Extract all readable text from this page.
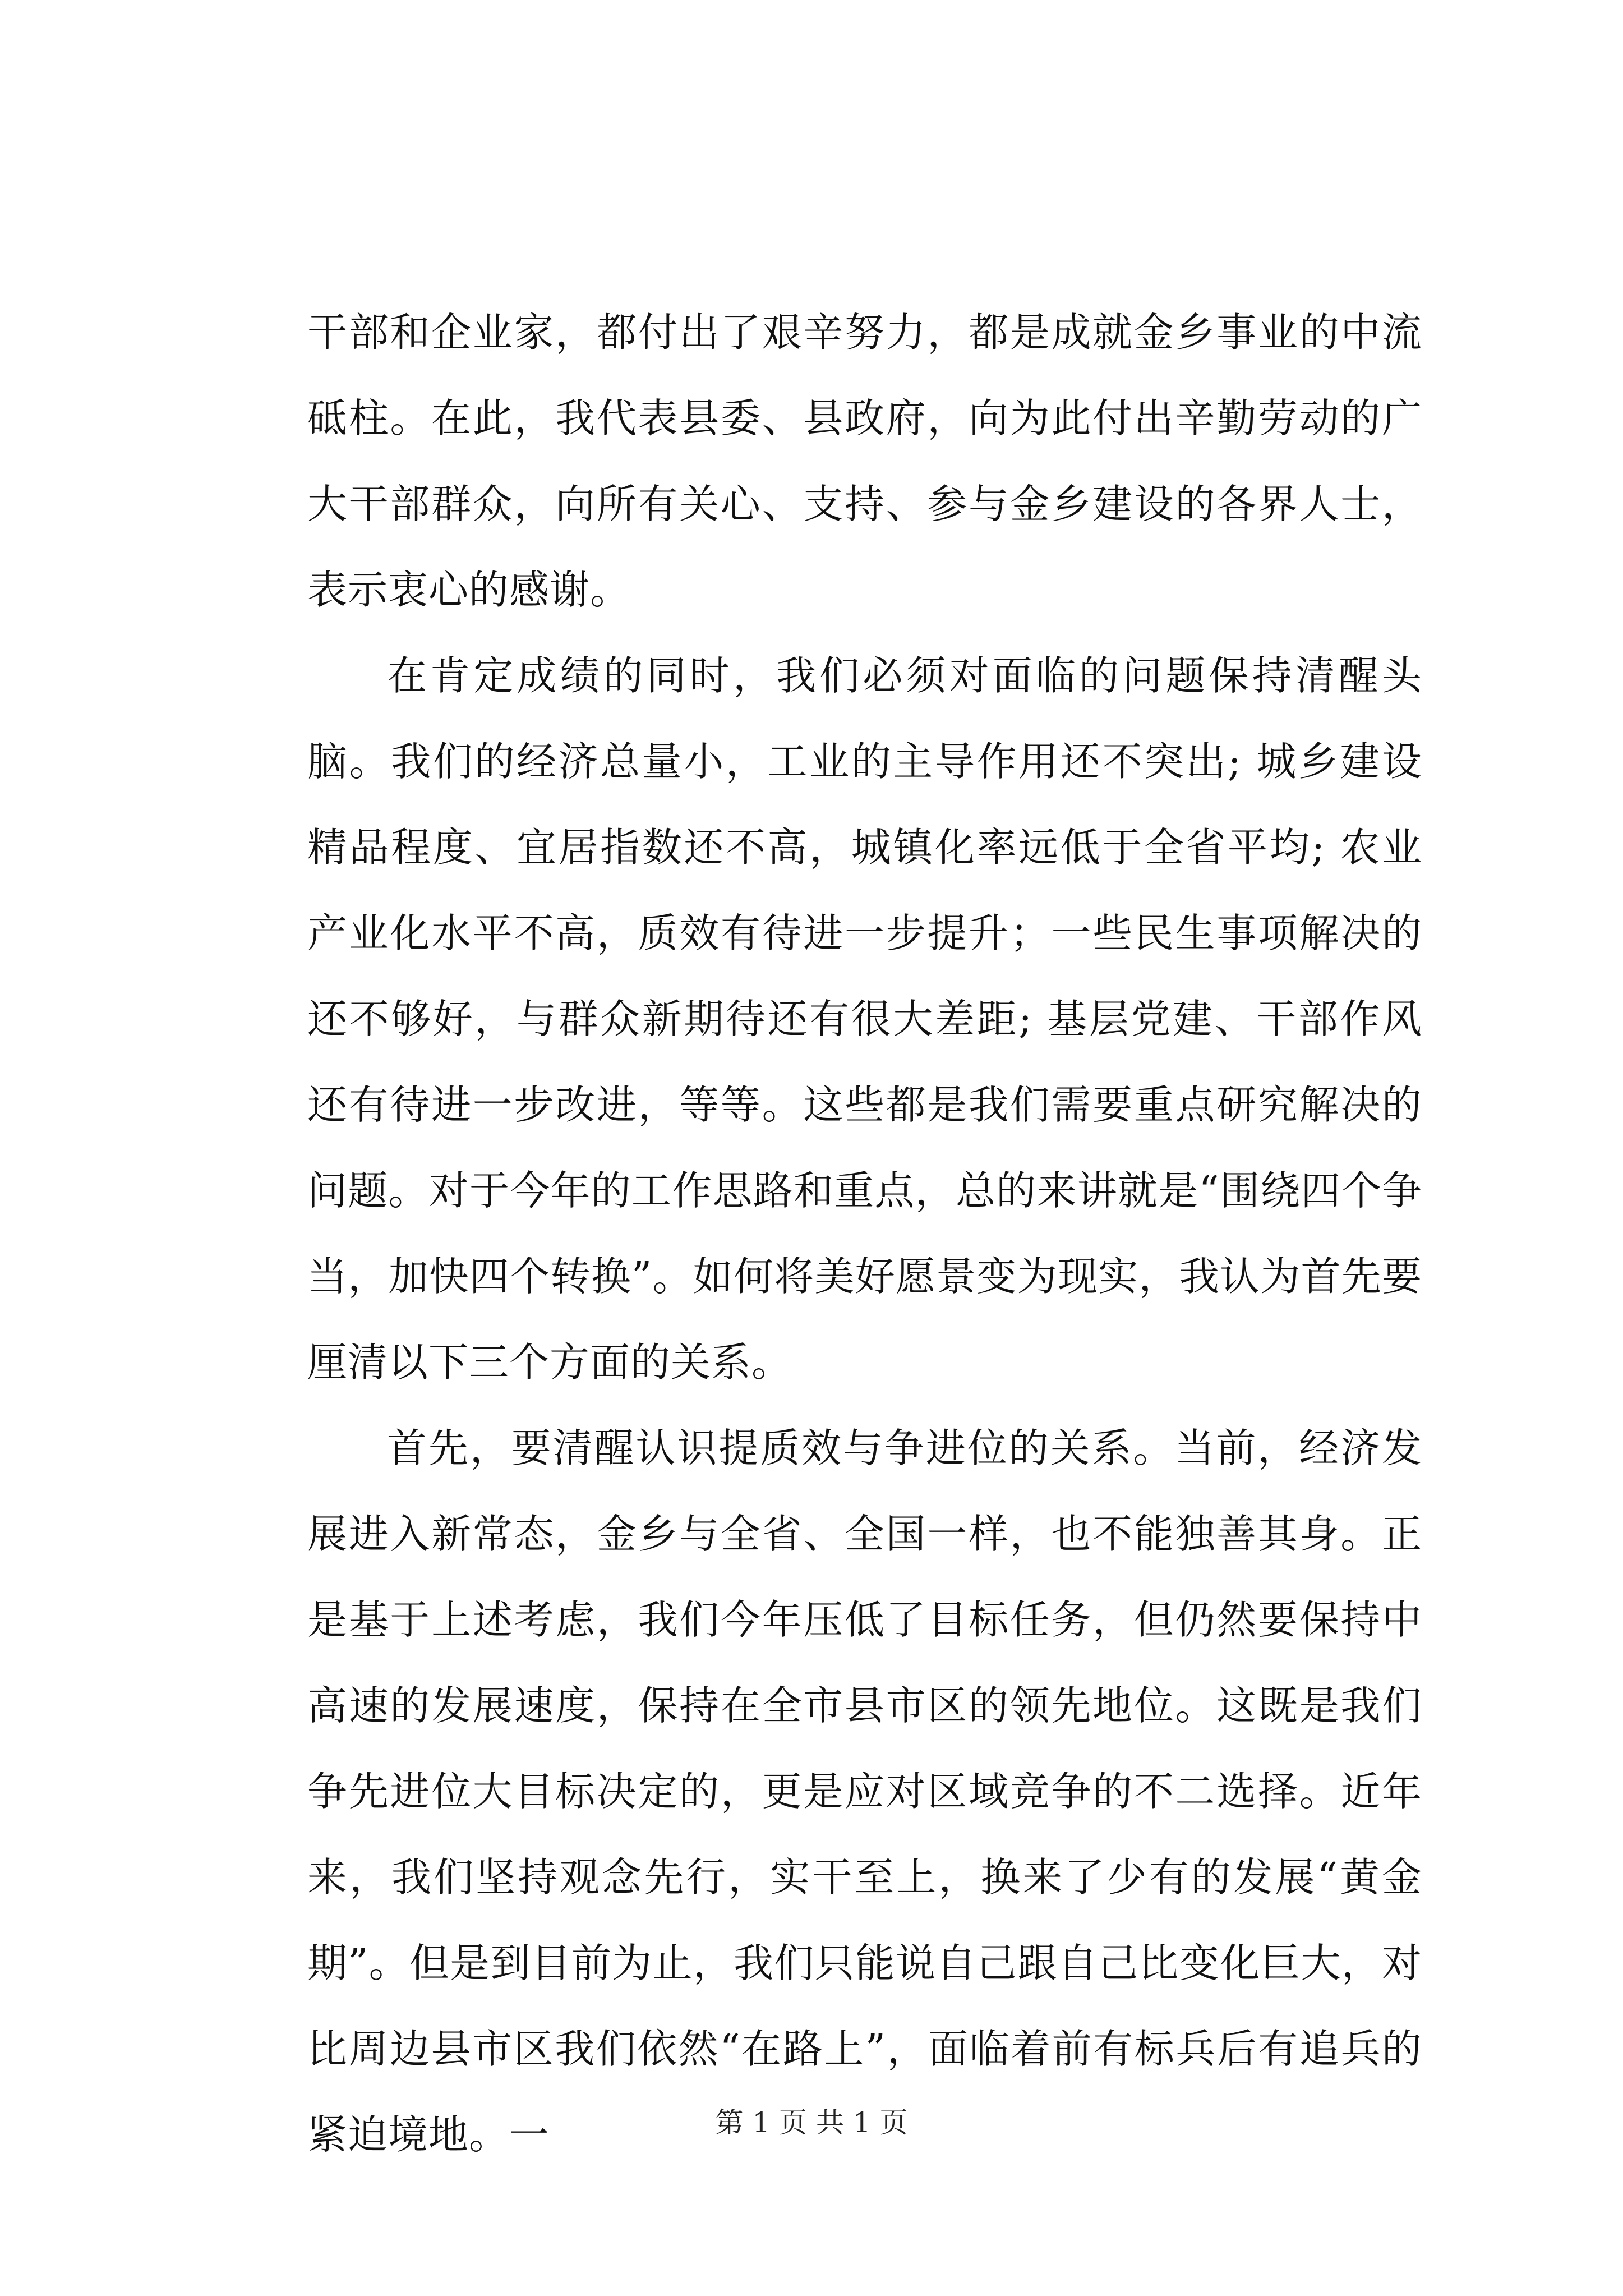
干部和企业家，都付出了艰辛努力，都是成就金乡事业的中流砥柱。在此，我代表县委、县政府，向为此付出辛勤劳动的广大干部群众，向所有关心、支持、参与金乡建设的各界人士，表示衷心的感谢。

在肯定成绩的同时，我们必须对面临的问题保持清醒头脑。我们的经济总量小，工业的主导作用还不突出; 城乡建设精品程度、宜居指数还不高，城镇化率远低于全省平均; 农业产业化水平不高，质效有待进一步提升；一些民生事项解决的还不够好，与群众新期待还有很大差距; 基层党建、干部作风还有待进一步改进，等等。这些都是我们需要重点研究解决的问题。对于今年的工作思路和重点，总的来讲就是“围绕四个争当，加快四个转换”。如何将美好愿景变为现实，我认为首先要厘清以下三个方面的关系。

首先，要清醒认识提质效与争进位的关系。当前，经济发展进入新常态，金乡与全省、全国一样，也不能独善其身。正是基于上述考虑，我们今年压低了目标任务，但仍然要保持中高速的发展速度，保持在全市县市区的领先地位。这既是我们争先进位大目标决定的，更是应对区域竞争的不二选择。近年来，我们坚持观念先行，实干至上，换来了少有的发展“黄金期”。但是到目前为止，我们只能说自己跟自己比变化巨大，对比周边县市区我们依然“在路上”，面临着前有标兵后有追兵的紧迫境地。一	第 1 页 共 1 页
